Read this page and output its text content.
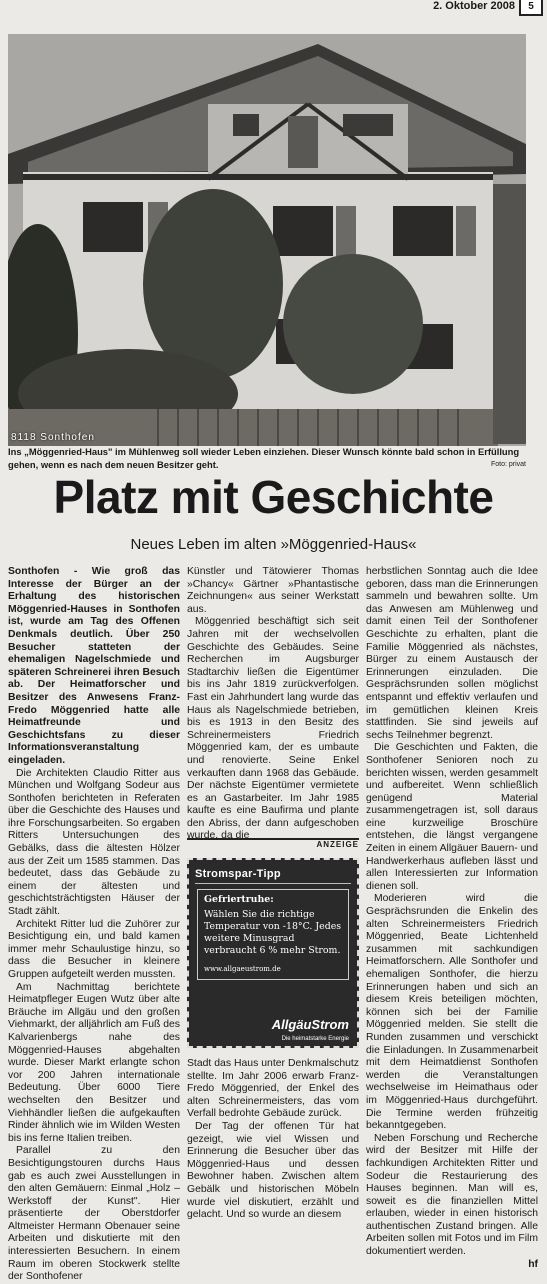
2. Oktober 2008	5
8118 Sonthofen
Ins „Möggenried-Haus" im Mühlenweg soll wieder Leben einziehen. Dieser Wunsch könnte bald schon in Erfüllung gehen, wenn es nach dem neuen Besitzer geht.	Foto: privat
Platz mit Geschichte
Neues Leben im alten »Möggenried-Haus«

Sonthofen - Wie groß das Interesse der Bürger an der Erhaltung des historischen Möggenried-Hauses in Sonthofen ist, wurde am Tag des Offenen Denkmals deutlich. Über 250 Besucher statteten der ehemaligen Nagelschmiede und späteren Schreinerei ihren Besuch ab. Der Heimatforscher und Besitzer des Anwesens Franz-Fredo Möggenried hatte alle Heimatfreunde und Geschichtsfans zu dieser Informationsveranstaltung eingeladen.

Die Architekten Claudio Ritter aus München und Wolfgang Sodeur aus Sonthofen berichteten in Referaten über die Geschichte des Hauses und ihre Forschungsarbeiten. So ergaben Ritters Untersuchungen des Gebälks, dass die ältesten Hölzer aus der Zeit um 1585 stammen. Das bedeutet, dass das Gebäude zu einem der ältesten und geschichtsträchtigsten Häuser der Stadt zählt.

Architekt Ritter lud die Zuhörer zur Besichtigung ein, und bald kamen immer mehr Schaulustige hinzu, so dass die Besucher in kleinere Gruppen aufgeteilt werden mussten.

Am Nachmittag berichtete Heimatpfleger Eugen Wutz über alte Bräuche im Allgäu und den großen Viehmarkt, der alljährlich am Fuß des Kalvarienbergs nahe des Möggenried-Hauses abgehalten wurde. Dieser Markt erlangte schon vor 200 Jahren internationale Bedeutung. Über 6000 Tiere wechselten den Besitzer und Viehhändler ließen die aufgekauften Rinder ähnlich wie im Wilden Westen bis ins ferne Italien treiben.

Parallel zu den Besichtigungstouren durchs Haus gab es auch zwei Ausstellungen in den alten Gemäuern: Einmal „Holz – Werkstoff der Kunst". Hier präsentierte der Oberstdorfer Altmeister Hermann Obenauer seine Arbeiten und diskutierte mit den interessierten Besuchern. In einem Raum im oberen Stockwerk stellte der Sonthofener

Künstler und Tätowierer Thomas »Chancy« Gärtner »Phantastische Zeichnungen« aus seiner Werkstatt aus.

Möggenried beschäftigt sich seit Jahren mit der wechselvollen Geschichte des Gebäudes. Seine Recherchen im Augsburger Stadtarchiv ließen die Eigentümer bis ins Jahr 1819 zurückverfolgen. Fast ein Jahrhundert lang wurde das Haus als Nagelschmiede betrieben, bis es 1913 in den Besitz des Schreinermeisters Friedrich Möggenried kam, der es umbaute und renovierte. Seine Enkel verkauften dann 1968 das Gebäude. Der nächste Eigentümer vermietete es an Gastarbeiter. Im Jahr 1985 kaufte es eine Baufirma und plante den Abriss, der dann aufgeschoben wurde, da die

ANZEIGE
Stromspar-Tipp
Gefriertruhe:
Wählen Sie die richtige Temperatur von -18°C. Jedes weitere Minusgrad verbraucht 6 % mehr Strom.
www.allgaeustrom.de
AllgäuStrom
Die heimatstarke Energie

Stadt das Haus unter Denkmalschutz stellte. Im Jahr 2006 erwarb Franz-Fredo Möggenried, der Enkel des alten Schreinermeisters, das vom Verfall bedrohte Gebäude zurück.

Der Tag der offenen Tür hat gezeigt, wie viel Wissen und Erinnerung die Besucher über das Möggenried-Haus und dessen Bewohner haben. Zwischen altem Gebälk und historischen Möbeln wurde viel diskutiert, erzählt und gelacht. Und so wurde an diesem

herbstlichen Sonntag auch die Idee geboren, dass man die Erinnerungen sammeln und bewahren sollte. Um das Anwesen am Mühlenweg und damit einen Teil der Sonthofener Geschichte zu erhalten, plant die Familie Möggenried als nächstes, Bürger zu einem Austausch der Erinnerungen einzuladen. Die Gesprächsrunden sollen möglichst entspannt und effektiv verlaufen und im gemütlichen kleinen Kreis stattfinden. Sie sind jeweils auf sechs Teilnehmer begrenzt.

Die Geschichten und Fakten, die Sonthofener Senioren noch zu berichten wissen, werden gesammelt und aufbereitet. Wenn schließlich genügend Material zusammengetragen ist, soll daraus eine kurzweilige Broschüre entstehen, die längst vergangene Zeiten in einem Allgäuer Bauern- und Handwerkerhaus aufleben lässt und allen Interessierten zur Information dienen soll.

Moderieren wird die Gesprächsrunden die Enkelin des alten Schreinermeisters Friedrich Möggenried, Beate Lichtenheld zusammen mit sachkundigen Heimatforschern. Alle Sonthofer und ehemaligen Sonthofer, die hierzu Erinnerungen haben und sich an diesem Kreis beteiligen möchten, können sich bei der Familie Möggenried melden. Sie stellt die Runden zusammen und verschickt die Einladungen. In Zusammenarbeit mit dem Heimatdienst Sonthofen werden die Veranstaltungen wechselweise im Heimathaus oder im Möggenried-Haus durchgeführt. Die Termine werden frühzeitig bekanntgegeben.

Neben Forschung und Recherche wird der Besitzer mit Hilfe der fachkundigen Architekten Ritter und Sodeur die Restaurierung des Hauses beginnen. Man will es, soweit es die finanziellen Mittel erlauben, wieder in einen historisch authentischen Zustand bringen. Alle Arbeiten sollen mit Fotos und im Film dokumentiert werden.

hf
